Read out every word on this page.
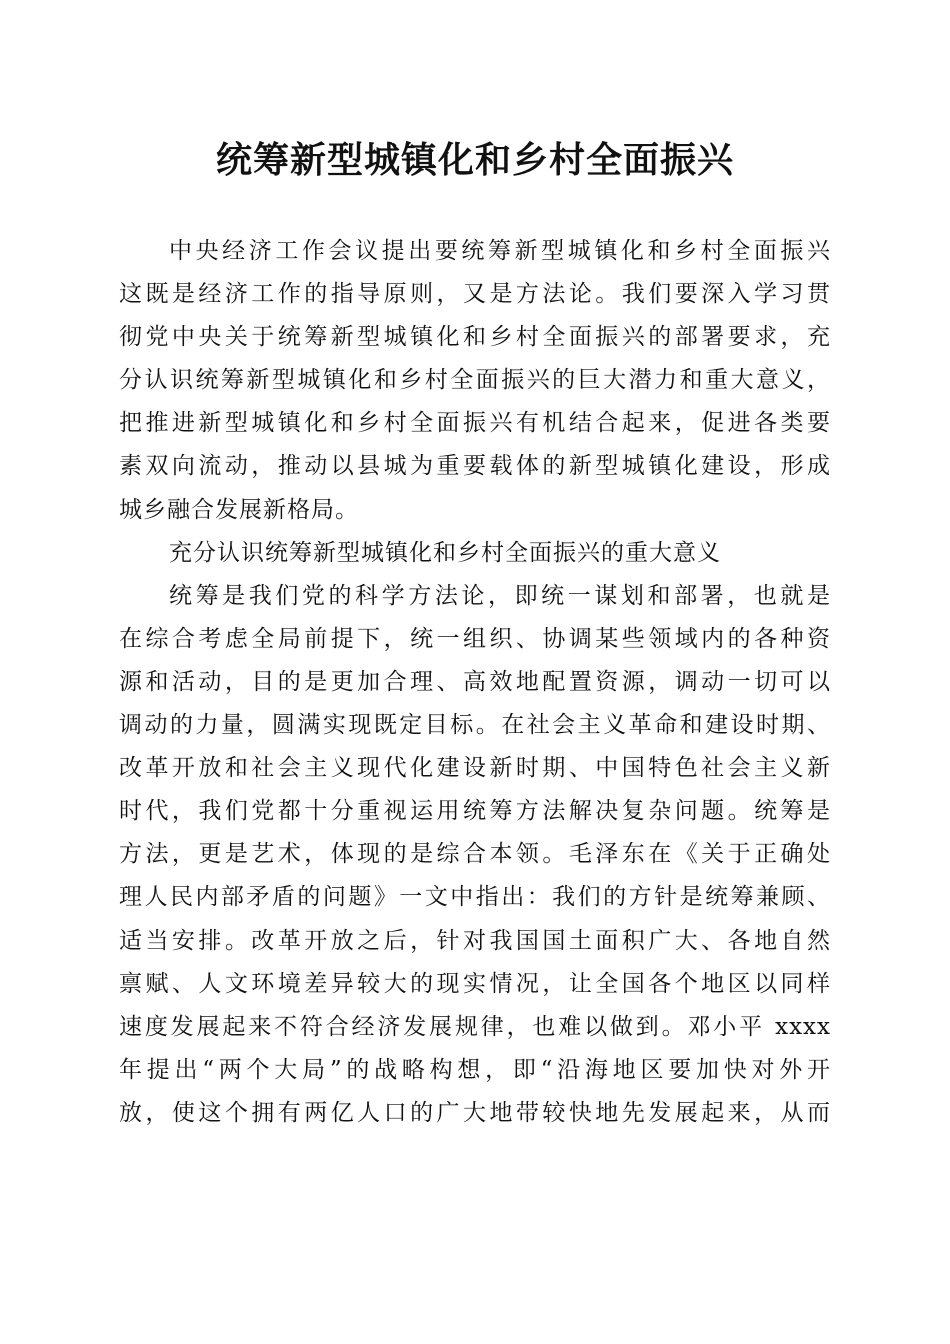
统筹新型城镇化和乡村全面振兴
中央经济工作会议提出要统筹新型城镇化和乡村全面振兴
这既是经济工作的指导原则，又是方法论。我们要深入学习贯
彻党中央关于统筹新型城镇化和乡村全面振兴的部署要求，充
分认识统筹新型城镇化和乡村全面振兴的巨大潜力和重大意义，
把推进新型城镇化和乡村全面振兴有机结合起来，促进各类要
素双向流动，推动以县城为重要载体的新型城镇化建设，形成
城乡融合发展新格局。
充分认识统筹新型城镇化和乡村全面振兴的重大意义
统筹是我们党的科学方法论，即统一谋划和部署，也就是
在综合考虑全局前提下，统一组织、协调某些领域内的各种资
源和活动，目的是更加合理、高效地配置资源，调动一切可以
调动的力量，圆满实现既定目标。在社会主义革命和建设时期、
改革开放和社会主义现代化建设新时期、中国特色社会主义新
时代，我们党都十分重视运用统筹方法解决复杂问题。统筹是
方法，更是艺术，体现的是综合本领。毛泽东在《关于正确处
理人民内部矛盾的问题》一文中指出：我们的方针是统筹兼顾、
适当安排。改革开放之后，针对我国国土面积广大、各地自然
禀赋、人文环境差异较大的现实情况，让全国各个地区以同样
速度发展起来不符合经济发展规律，也难以做到。邓小平 xxxx
年提出“两个大局”的战略构想，即“沿海地区要加快对外开
放，使这个拥有两亿人口的广大地带较快地先发展起来，从而
